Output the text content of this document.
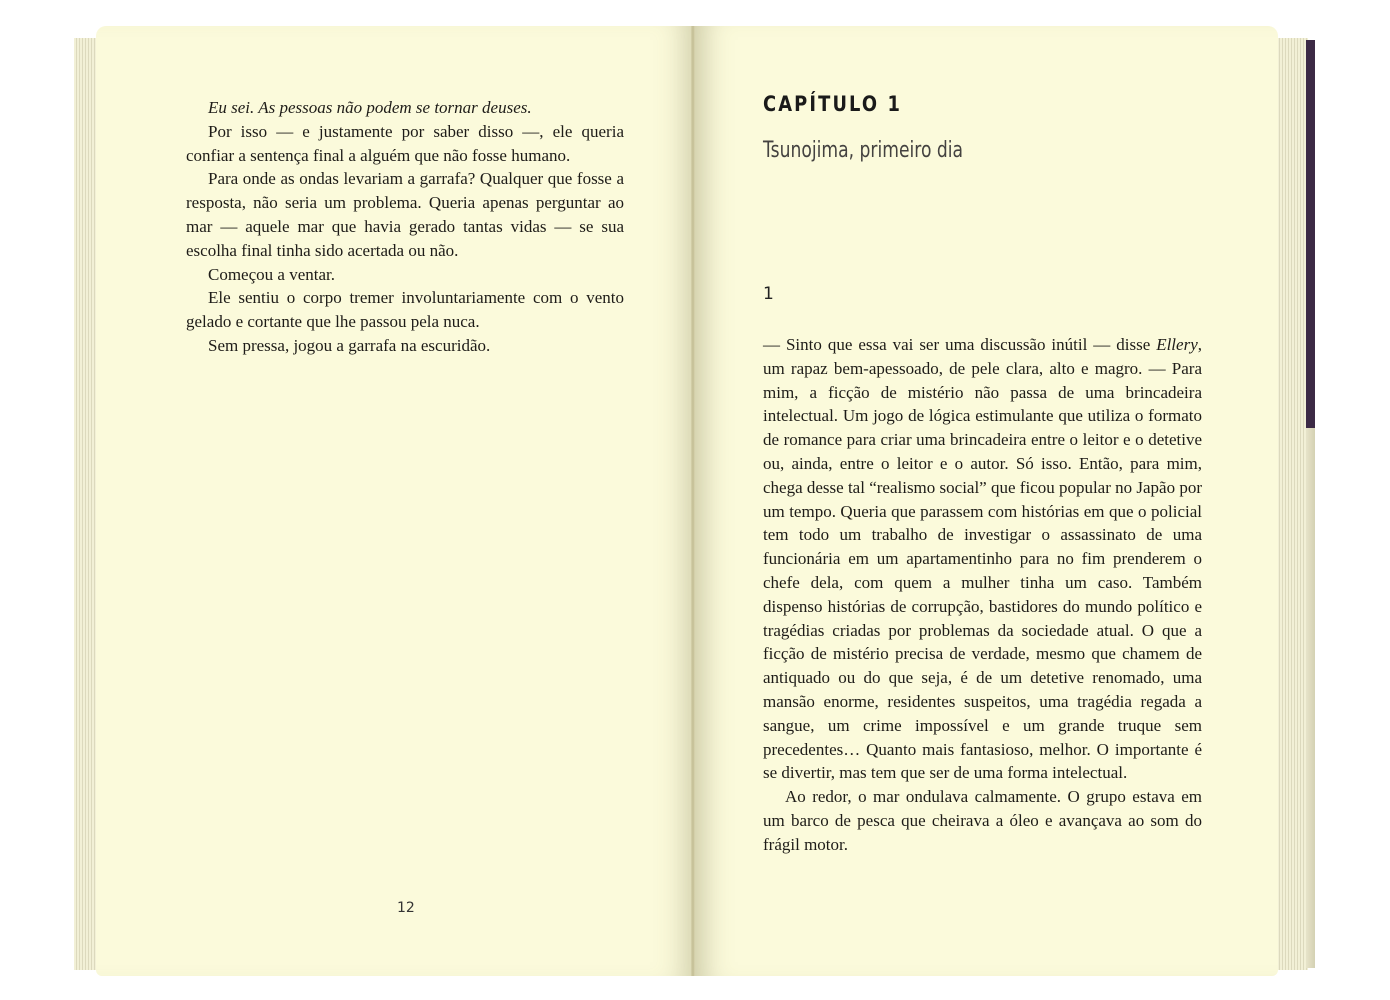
Eu sei. As pessoas não podem se tornar deuses.

Por isso — e justamente por saber disso —, ele queria confiar a sentença final a alguém que não fosse humano.

Para onde as ondas levariam a garrafa? Qualquer que fosse a resposta, não seria um problema. Queria apenas perguntar ao mar — aquele mar que havia gerado tantas vidas — se sua escolha final tinha sido acertada ou não.

Começou a ventar.

Ele sentiu o corpo tremer involuntariamente com o vento gelado e cortante que lhe passou pela nuca.

Sem pressa, jogou a garrafa na escuridão.

12
CAPÍTULO 1
Tsunojima, primeiro dia
1

— Sinto que essa vai ser uma discussão inútil — disse Ellery, um rapaz bem-apessoado, de pele clara, alto e magro. — Para mim, a ficção de mistério não passa de uma brincadeira intelectual. Um jogo de lógica estimulante que utiliza o formato de romance para criar uma brincadeira entre o leitor e o detetive ou, ainda, entre o leitor e o autor. Só isso. Então, para mim, chega desse tal “realismo social” que ficou popular no Japão por um tempo. Queria que parassem com histórias em que o policial tem todo um trabalho de investigar o assassinato de uma funcionária em um apartamentinho para no fim prenderem o chefe dela, com quem a mulher tinha um caso. Também dispenso histórias de corrupção, bastidores do mundo político e tragédias criadas por problemas da sociedade atual. O que a ficção de mistério precisa de verdade, mesmo que chamem de antiquado ou do que seja, é de um detetive renomado, uma mansão enorme, residentes suspeitos, uma tragédia regada a sangue, um crime impossível e um grande truque sem precedentes… Quanto mais fantasioso, melhor. O importante é se divertir, mas tem que ser de uma forma intelectual.

Ao redor, o mar ondulava calmamente. O grupo estava em um barco de pesca que cheirava a óleo e avançava ao som do frágil motor.
